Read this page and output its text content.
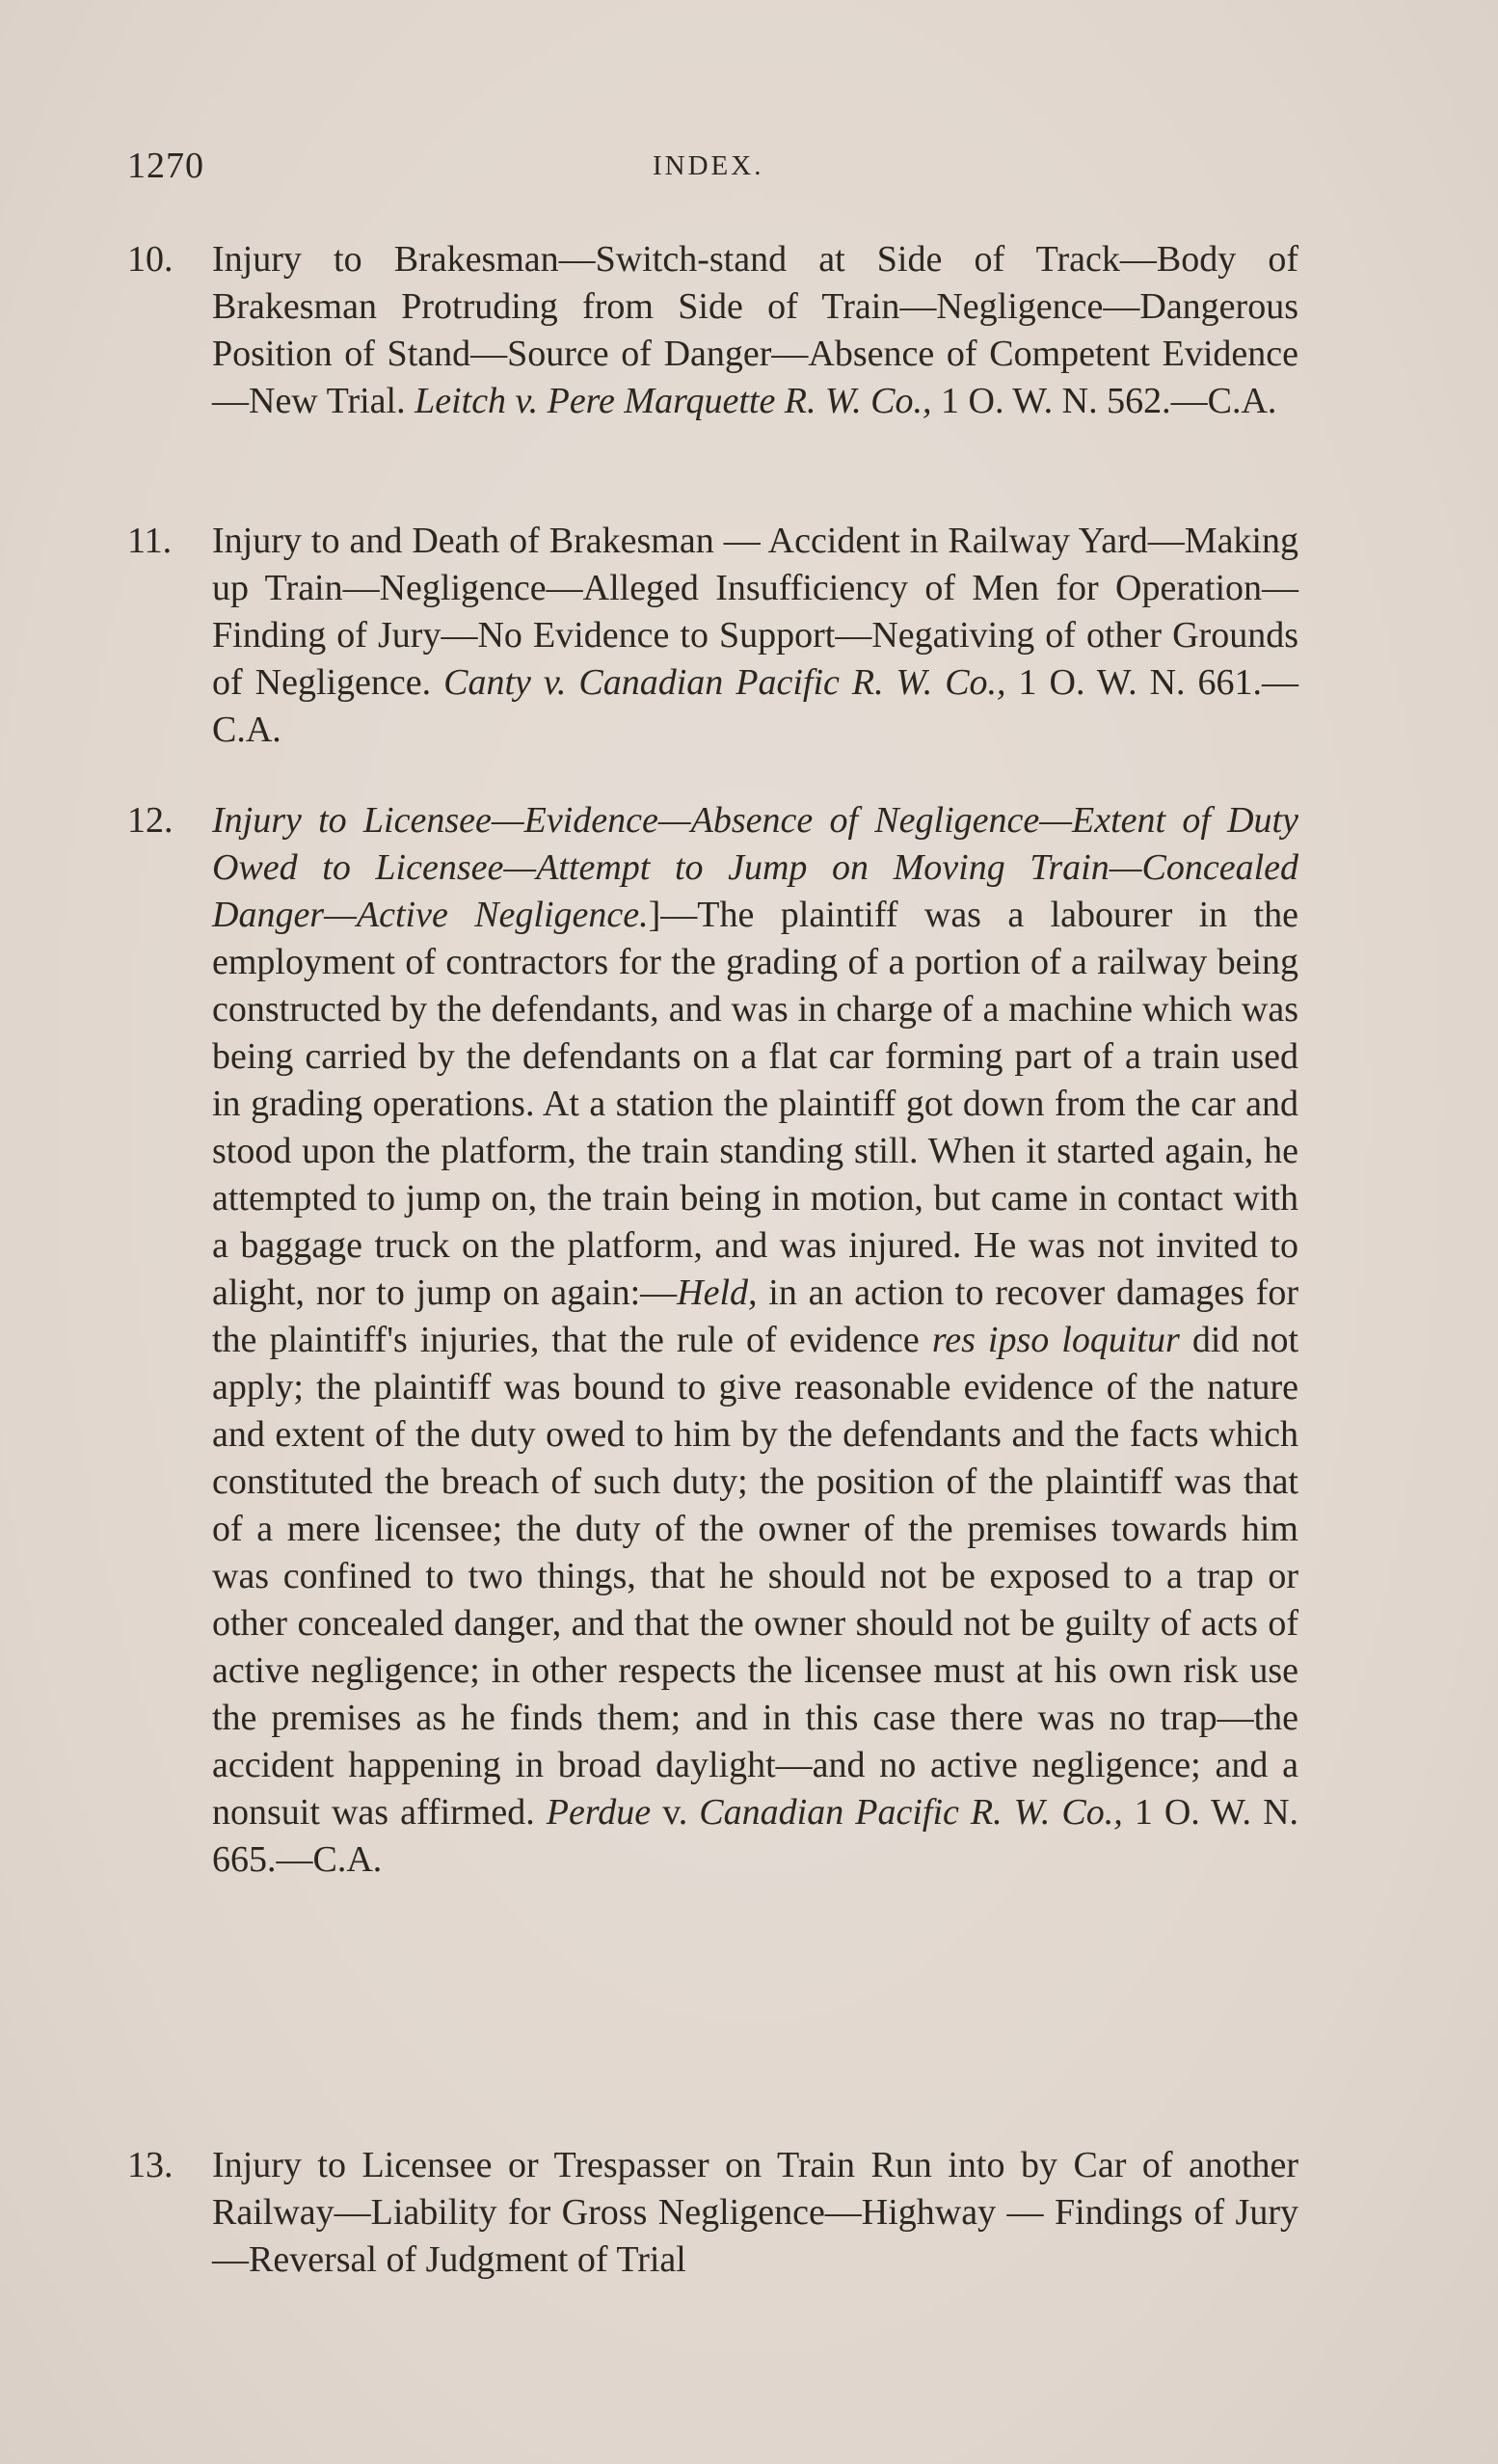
1270	INDEX.
10. Injury to Brakesman—Switch-stand at Side of Track—Body of Brakesman Protruding from Side of Train—Negligence—Dangerous Position of Stand—Source of Danger—Absence of Competent Evidence—New Trial. Leitch v. Pere Marquette R. W. Co., 1 O. W. N. 562.—C.A.
11. Injury to and Death of Brakesman — Accident in Railway Yard—Making up Train—Negligence—Alleged Insufficiency of Men for Operation—Finding of Jury—No Evidence to Support—Negativing of other Grounds of Negligence. Canty v. Canadian Pacific R. W. Co., 1 O. W. N. 661.—C.A.
12. Injury to Licensee—Evidence—Absence of Negligence—Extent of Duty Owed to Licensee—Attempt to Jump on Moving Train—Concealed Danger—Active Negligence.]—The plaintiff was a labourer in the employment of contractors for the grading of a portion of a railway being constructed by the defendants, and was in charge of a machine which was being carried by the defendants on a flat car forming part of a train used in grading operations. At a station the plaintiff got down from the car and stood upon the platform, the train standing still. When it started again, he attempted to jump on, the train being in motion, but came in contact with a baggage truck on the platform, and was injured. He was not invited to alight, nor to jump on again:—Held, in an action to recover damages for the plaintiff's injuries, that the rule of evidence res ipso loquitur did not apply; the plaintiff was bound to give reasonable evidence of the nature and extent of the duty owed to him by the defendants and the facts which constituted the breach of such duty; the position of the plaintiff was that of a mere licensee; the duty of the owner of the premises towards him was confined to two things, that he should not be exposed to a trap or other concealed danger, and that the owner should not be guilty of acts of active negligence; in other respects the licensee must at his own risk use the premises as he finds them; and in this case there was no trap—the accident happening in broad daylight—and no active negligence; and a nonsuit was affirmed. Perdue v. Canadian Pacific R. W. Co., 1 O. W. N. 665.—C.A.
13. Injury to Licensee or Trespasser on Train Run into by Car of another Railway—Liability for Gross Negligence—Highway — Findings of Jury—Reversal of Judgment of Trial
